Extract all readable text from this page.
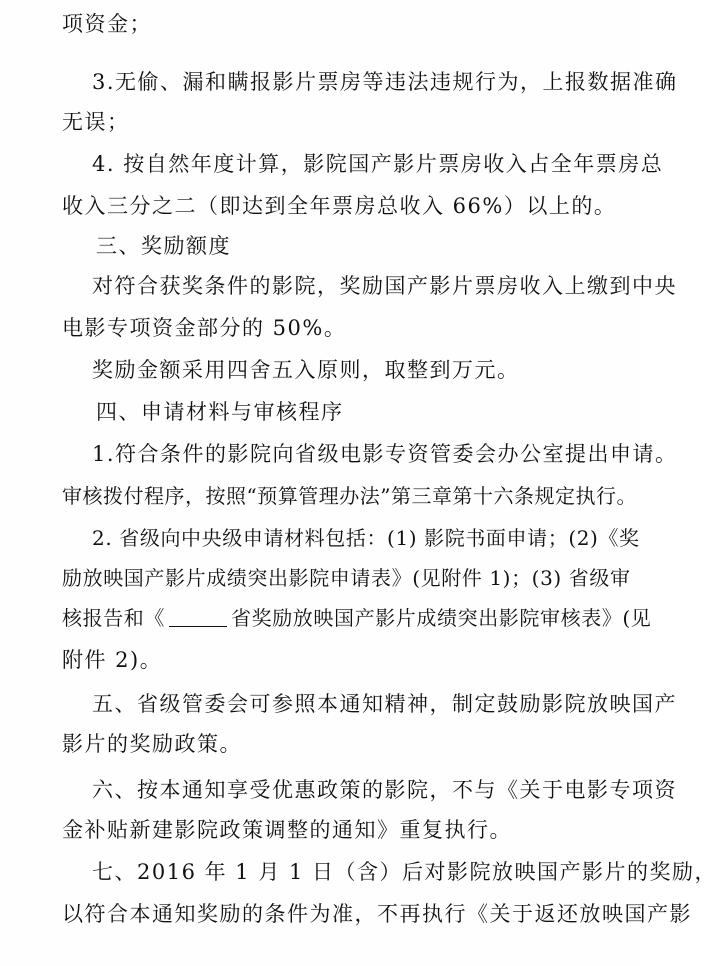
项资金；
3.无偷、漏和瞒报影片票房等违法违规行为，上报数据准确
无误；
4. 按自然年度计算，影院国产影片票房收入占全年票房总
收入三分之二（即达到全年票房总收入 66%）以上的。
三、奖励额度
对符合获奖条件的影院，奖励国产影片票房收入上缴到中央
电影专项资金部分的 50%。
奖励金额采用四舍五入原则，取整到万元。
四、申请材料与审核程序
1.符合条件的影院向省级电影专资管委会办公室提出申请。
审核拨付程序，按照“预算管理办法”第三章第十六条规定执行。
2. 省级向中央级申请材料包括：(1) 影院书面申请；(2)《奖
励放映国产影片成绩突出影院申请表》(见附件 1)；(3) 省级审
核报告和《	省奖励放映国产影片成绩突出影院审核表》(见
附件 2)。
五、省级管委会可参照本通知精神，制定鼓励影院放映国产
影片的奖励政策。
六、按本通知享受优惠政策的影院，不与《关于电影专项资
金补贴新建影院政策调整的通知》重复执行。
七、2016 年 1 月 1 日（含）后对影院放映国产影片的奖励，
以符合本通知奖励的条件为准，不再执行《关于返还放映国产影
